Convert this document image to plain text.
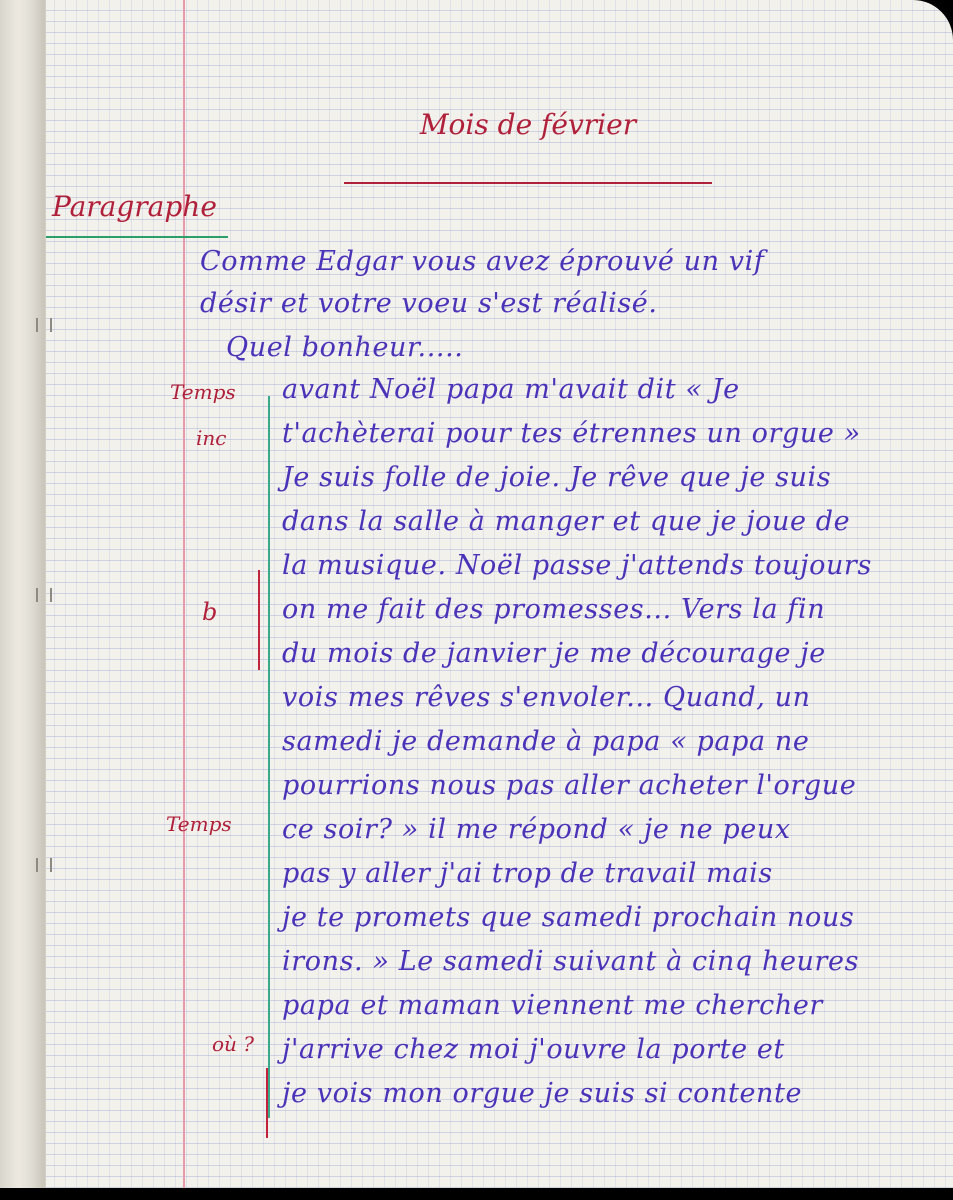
Mois de février
Paragraphe
Comme Edgar vous avez éprouvé un vif
désir et votre voeu s'est réalisé.
Quel bonheur.....
Temps
inc
b
Temps
où ?
avant Noël papa m'avait dit « Je
t'achèterai pour tes étrennes un orgue »
Je suis folle de joie. Je rêve que je suis
dans la salle à manger et que je joue de
la musique. Noël passe j'attends toujours
on me fait des promesses... Vers la fin
du mois de janvier je me décourage je
vois mes rêves s'envoler... Quand, un
samedi je demande à papa « papa ne
pourrions nous pas aller acheter l'orgue
ce soir? » il me répond « je ne peux
pas y aller j'ai trop de travail mais
je te promets que samedi prochain nous
irons. » Le samedi suivant à cinq heures
papa et maman viennent me chercher
j'arrive chez moi j'ouvre la porte et
je vois mon orgue je suis si contente
